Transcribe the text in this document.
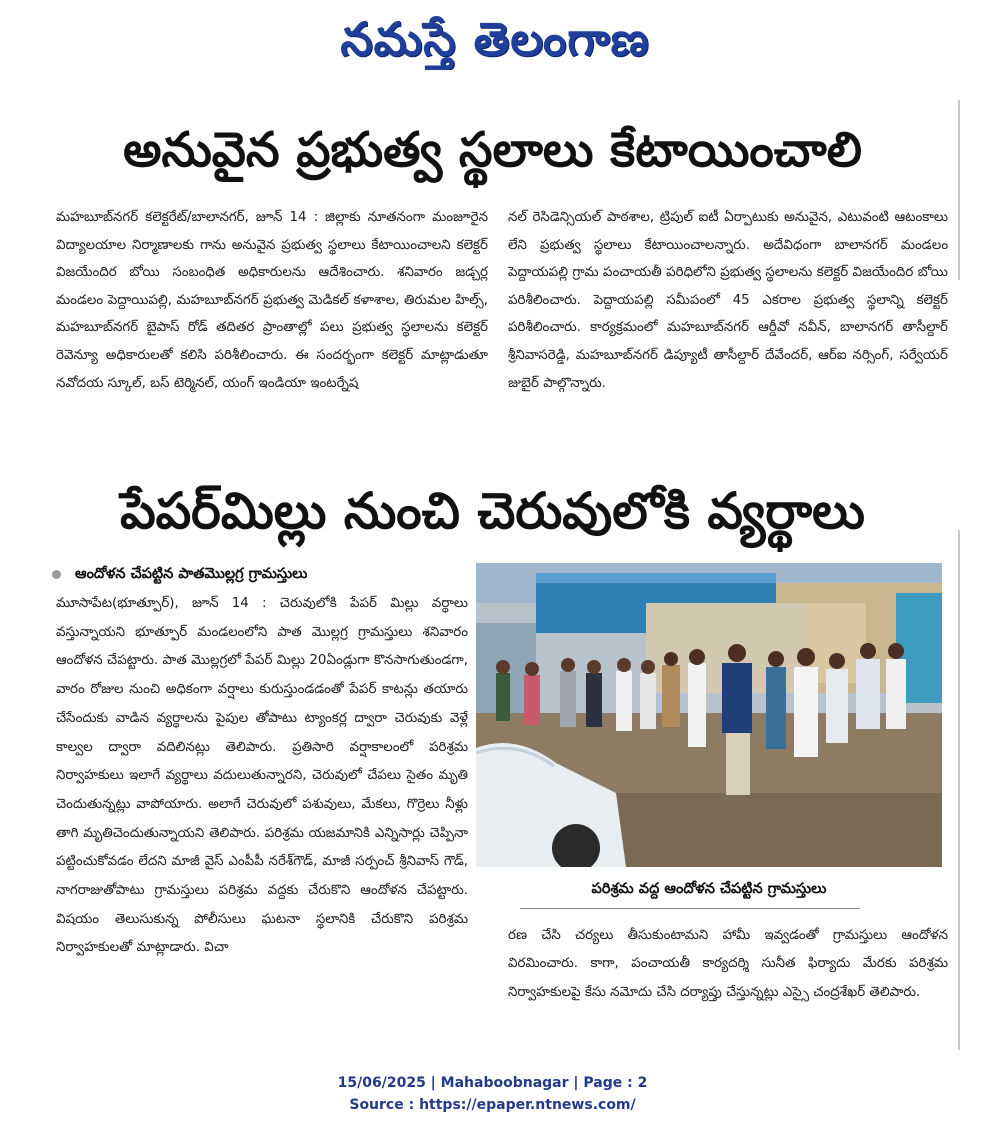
నమస్తే తెలంగాణ
అనువైన ప్రభుత్వ స్థలాలు కేటాయించాలి

మహబూబ్‌నగర్ కలెక్టరేట్/బాలానగర్, జూన్ 14 : జిల్లాకు నూతనంగా మంజూరైన విద్యాలయాల నిర్మాణాలకు గాను అనువైన ప్రభుత్వ స్థలాలు కేటాయించాలని కలెక్టర్ విజయేందిర బోయి సంబంధిత అధికారులను ఆదేశించారు. శనివారం జడ్చర్ల మండలం పెద్దాయిపల్లి, మహబూబ్‌నగర్ ప్రభుత్వ మెడికల్ కళాశాల, తిరుమల హిల్స్, మహబూబ్‌నగర్ బైపాస్ రోడ్ తదితర ప్రాంతాల్లో పలు ప్రభుత్వ స్థలాలను కలెక్టర్ రెవెన్యూ అధికారులతో కలిసి పరిశీలించారు. ఈ సందర్భంగా కలెక్టర్ మాట్లాడుతూ నవోదయ స్కూల్, బస్ టెర్మినల్, యంగ్ ఇండియా ఇంటర్నేష

నల్ రెసిడెన్సియల్ పాఠశాల, ట్రిపుల్ ఐటీ ఏర్పాటుకు అనువైన, ఎటువంటి ఆటంకాలు లేని ప్రభుత్వ స్థలాలు కేటాయించాలన్నారు. అదేవిధంగా బాలానగర్ మండలం పెద్దాయపల్లి గ్రామ పంచాయతీ పరిధిలోని ప్రభుత్వ స్థలాలను కలెక్టర్ విజయేందిర బోయి పరిశీలించారు. పెద్దాయపల్లి సమీపంలో 45 ఎకరాల ప్రభుత్వ స్థలాన్ని కలెక్టర్ పరిశీలించారు. కార్యక్రమంలో మహబూబ్‌నగర్ ఆర్డీవో నవీన్, బాలానగర్ తాసీల్దార్ శ్రీనివాసరెడ్డి, మహబూబ్‌నగర్ డిప్యూటీ తాసీల్దార్ దేవేందర్, ఆర్‌ఐ నర్సింగ్, సర్వేయర్ జుబైర్ పాల్గొన్నారు.

పేపర్‌మిల్లు నుంచి చెరువులోకి వ్యర్థాలు
ఆందోళన చేపట్టిన పాతమొల్లగ్ర గ్రామస్తులు

మూసాపేట(భూత్పూర్), జూన్ 14 : చెరువులోకి పేపర్ మిల్లు వర్థాలు వస్తున్నాయని భూత్పూర్ మండలంలోని పాత మొల్లగ్ర గ్రామస్తులు శనివారం ఆందోళన చేపట్టారు. పాత మొల్లగ్రలో పేపర్ మిల్లు 20ఏండ్లుగా కొనసాగుతుండగా, వారం రోజుల నుంచి అధికంగా వర్షాలు కురుస్తుండడంతో పేపర్ కాటన్లు తయారు చేసేందుకు వాడిన వ్యర్థాలను పైపుల తోపాటు ట్యాంకర్ల ద్వారా చెరువుకు వెళ్లే కాల్వల ద్వారా వదిలినట్లు తెలిపారు. ప్రతిసారి వర్షాకాలంలో పరిశ్రమ నిర్వాహకులు ఇలాగే వ్యర్థాలు వదులుతున్నారని, చెరువులో చేపలు సైతం మృతి చెందుతున్నట్లు వాపోయారు. అలాగే చెరువులో పశువులు, మేకలు, గొర్రెలు నీళ్లు తాగి మృతిచెందుతున్నాయని తెలిపారు. పరిశ్రమ యజమానికి ఎన్నిసార్లు చెప్పినా పట్టించుకోవడం లేదని మాజీ వైస్ ఎంపీపీ నరేశ్‌గౌడ్, మాజీ సర్పంచ్ శ్రీనివాస్ గౌడ్, నాగరాజుతోపాటు గ్రామస్తులు పరిశ్రమ వద్దకు చేరుకొని ఆందోళన చేపట్టారు. విషయం తెలుసుకున్న పోలీసులు ఘటనా స్థలానికి చేరుకొని పరిశ్రమ నిర్వాహకులతో మాట్లాడారు. విచా

పరిశ్రమ వద్ద ఆందోళన చేపట్టిన గ్రామస్తులు

రణ చేసి చర్యలు తీసుకుంటామని హామీ ఇవ్వడంతో గ్రామస్తులు ఆందోళన విరమించారు. కాగా, పంచాయతీ కార్యదర్శి సునీత ఫిర్యాదు మేరకు పరిశ్రమ నిర్వాహకులపై కేసు నమోదు చేసి దర్యాప్తు చేస్తున్నట్లు ఎస్సై చంద్రశేఖర్ తెలిపారు.

15/06/2025 | Mahaboobnagar | Page : 2
Source : https://epaper.ntnews.com/
